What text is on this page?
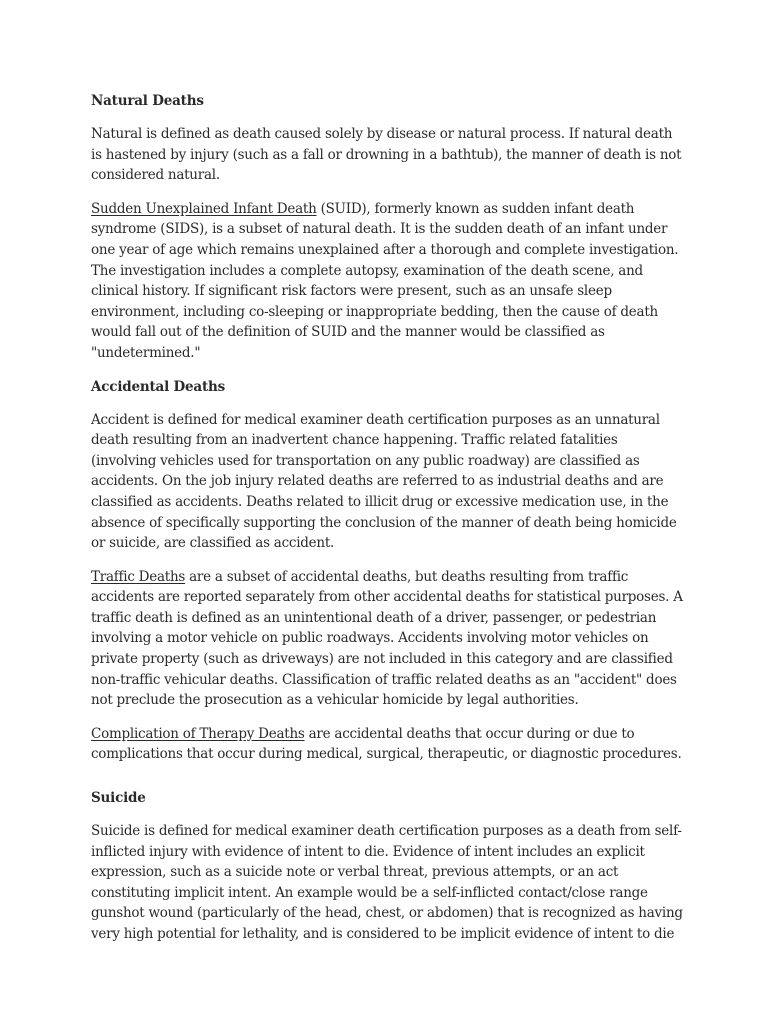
Natural Deaths

Natural is defined as death caused solely by disease or natural process. If natural death is hastened by injury (such as a fall or drowning in a bathtub), the manner of death is not considered natural.

Sudden Unexplained Infant Death (SUID), formerly known as sudden infant death syndrome (SIDS), is a subset of natural death. It is the sudden death of an infant under one year of age which remains unexplained after a thorough and complete investigation. The investigation includes a complete autopsy, examination of the death scene, and clinical history. If significant risk factors were present, such as an unsafe sleep environment, including co-sleeping or inappropriate bedding, then the cause of death would fall out of the definition of SUID and the manner would be classified as "undetermined."

Accidental Deaths

Accident is defined for medical examiner death certification purposes as an unnatural death resulting from an inadvertent chance happening. Traffic related fatalities (involving vehicles used for transportation on any public roadway) are classified as accidents. On the job injury related deaths are referred to as industrial deaths and are classified as accidents. Deaths related to illicit drug or excessive medication use, in the absence of specifically supporting the conclusion of the manner of death being homicide or suicide, are classified as accident.

Traffic Deaths are a subset of accidental deaths, but deaths resulting from traffic accidents are reported separately from other accidental deaths for statistical purposes. A traffic death is defined as an unintentional death of a driver, passenger, or pedestrian involving a motor vehicle on public roadways. Accidents involving motor vehicles on private property (such as driveways) are not included in this category and are classified non-traffic vehicular deaths. Classification of traffic related deaths as an "accident" does not preclude the prosecution as a vehicular homicide by legal authorities.

Complication of Therapy Deaths are accidental deaths that occur during or due to complications that occur during medical, surgical, therapeutic, or diagnostic procedures.

Suicide

Suicide is defined for medical examiner death certification purposes as a death from self-inflicted injury with evidence of intent to die. Evidence of intent includes an explicit expression, such as a suicide note or verbal threat, previous attempts, or an act constituting implicit intent. An example would be a self-inflicted contact/close range gunshot wound (particularly of the head, chest, or abdomen) that is recognized as having very high potential for lethality, and is considered to be implicit evidence of intent to die
